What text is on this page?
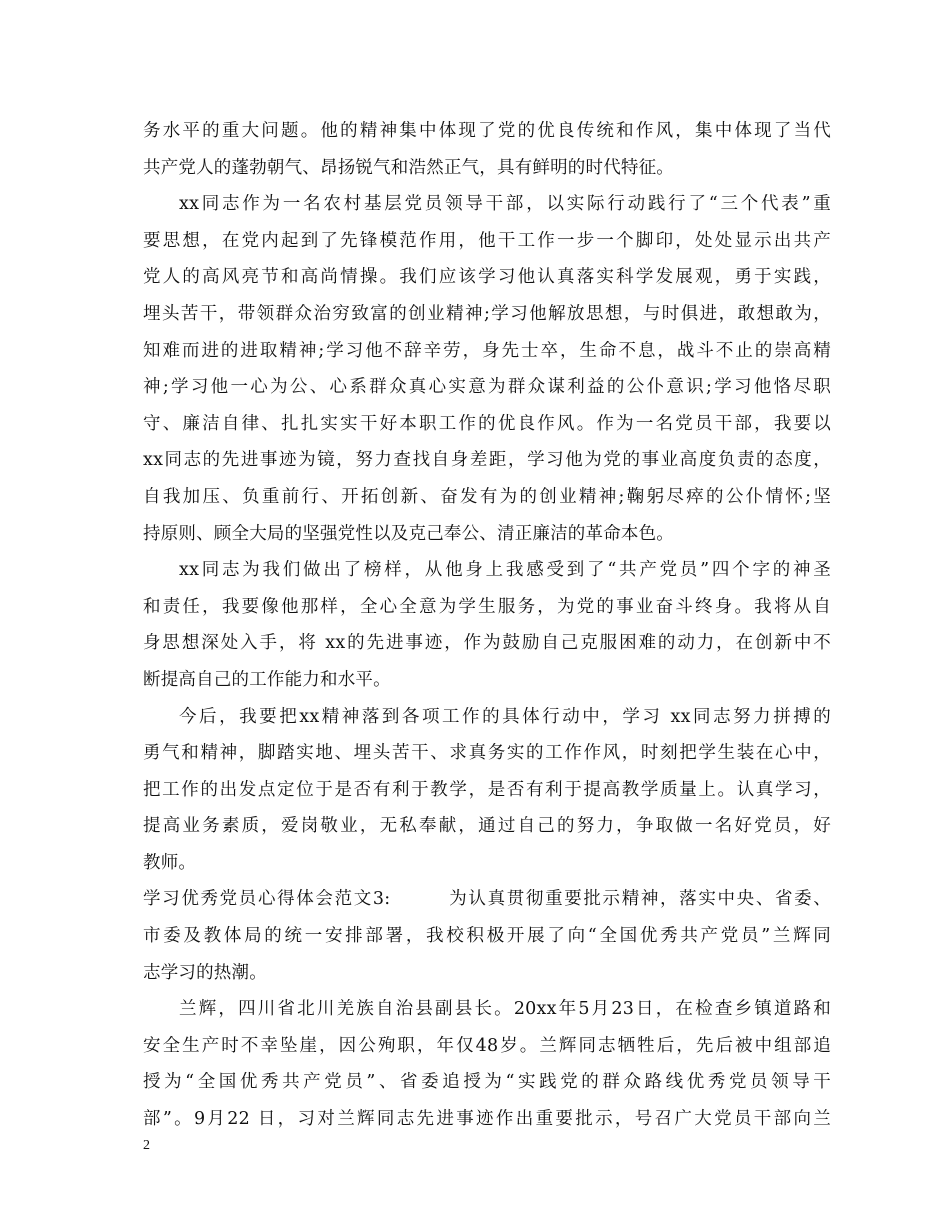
务水平的重大问题。他的精神集中体现了党的优良传统和作风，集中体现了当代
共产党人的蓬勃朝气、昂扬锐气和浩然正气，具有鲜明的时代特征。
xx同志作为一名农村基层党员领导干部，以实际行动践行了“三个代表”重
要思想，在党内起到了先锋模范作用，他干工作一步一个脚印，处处显示出共产
党人的高风亮节和高尚情操。我们应该学习他认真落实科学发展观，勇于实践，
埋头苦干，带领群众治穷致富的创业精神;学习他解放思想，与时俱进，敢想敢为，
知难而进的进取精神;学习他不辞辛劳，身先士卒，生命不息，战斗不止的崇高精
神;学习他一心为公、心系群众真心实意为群众谋利益的公仆意识;学习他恪尽职
守、廉洁自律、扎扎实实干好本职工作的优良作风。作为一名党员干部，我要以
xx同志的先进事迹为镜，努力查找自身差距，学习他为党的事业高度负责的态度，
自我加压、负重前行、开拓创新、奋发有为的创业精神;鞠躬尽瘁的公仆情怀;坚
持原则、顾全大局的坚强党性以及克己奉公、清正廉洁的革命本色。
xx同志为我们做出了榜样，从他身上我感受到了“共产党员”四个字的神圣
和责任，我要像他那样，全心全意为学生服务，为党的事业奋斗终身。我将从自
身思想深处入手，将 xx的先进事迹，作为鼓励自己克服困难的动力，在创新中不
断提高自己的工作能力和水平。
今后，我要把xx精神落到各项工作的具体行动中，学习 xx同志努力拼搏的
勇气和精神，脚踏实地、埋头苦干、求真务实的工作作风，时刻把学生装在心中，
把工作的出发点定位于是否有利于教学，是否有利于提高教学质量上。认真学习，
提高业务素质，爱岗敬业，无私奉献，通过自己的努力，争取做一名好党员，好
教师。
学习优秀党员心得体会范文3:　　　为认真贯彻重要批示精神，落实中央、省委、
市委及教体局的统一安排部署，我校积极开展了向“全国优秀共产党员”兰辉同
志学习的热潮。
兰辉，四川省北川羌族自治县副县长。20xx年5月23日，在检查乡镇道路和
安全生产时不幸坠崖，因公殉职，年仅48岁。兰辉同志牺牲后，先后被中组部追
授为“全国优秀共产党员”、省委追授为“实践党的群众路线优秀党员领导干
部”。9月22 日，习对兰辉同志先进事迹作出重要批示，号召广大党员干部向兰
2
